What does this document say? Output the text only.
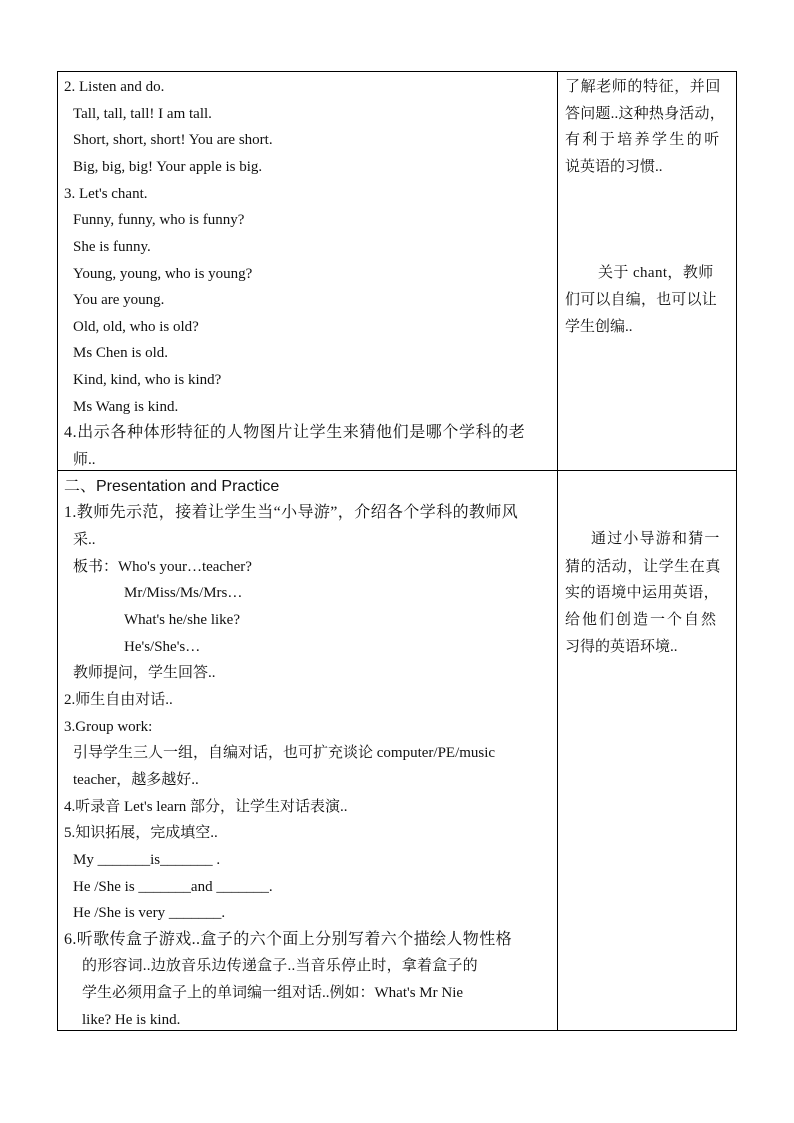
2. Listen and do.
Tall, tall, tall! I am tall.
Short, short, short! You are short.
Big, big, big! Your apple is big.
3. Let's chant.
Funny, funny, who is funny?
She is funny.
Young, young, who is young?
You are young.
Old, old, who is old?
Ms Chen is old.
Kind, kind, who is kind?
Ms Wang is kind.
4.出示各种体形特征的人物图片让学生来猜他们是哪个学科的老
师..
了解老师的特征，并回
答问题..这种热身活动，
有利于培养学生的听
说英语的习惯..
关于 chant，教师
们可以自编，也可以让
学生创编..
二、Presentation and Practice
1.教师先示范，接着让学生当“小导游”，介绍各个学科的教师风
采..
板书：Who's your…teacher?
Mr/Miss/Ms/Mrs…
What's he/she like?
He's/She's…
教师提问，学生回答..
2.师生自由对话..
3.Group work:
引导学生三人一组，自编对话，也可扩充谈论 computer/PE/music
teacher，越多越好..
4.听录音 Let's learn 部分，让学生对话表演..
5.知识拓展，完成填空..
My _______is_______ .
He /She is _______and _______.
He /She is very _______.
6.听歌传盒子游戏..盒子的六个面上分别写着六个描绘人物性格
的形容词..边放音乐边传递盒子..当音乐停止时，拿着盒子的
学生必须用盒子上的单词编一组对话..例如：What's Mr Nie
like? He is kind.
通过小导游和猜一
猜的活动，让学生在真
实的语境中运用英语，
给他们创造一个自然
习得的英语环境..
